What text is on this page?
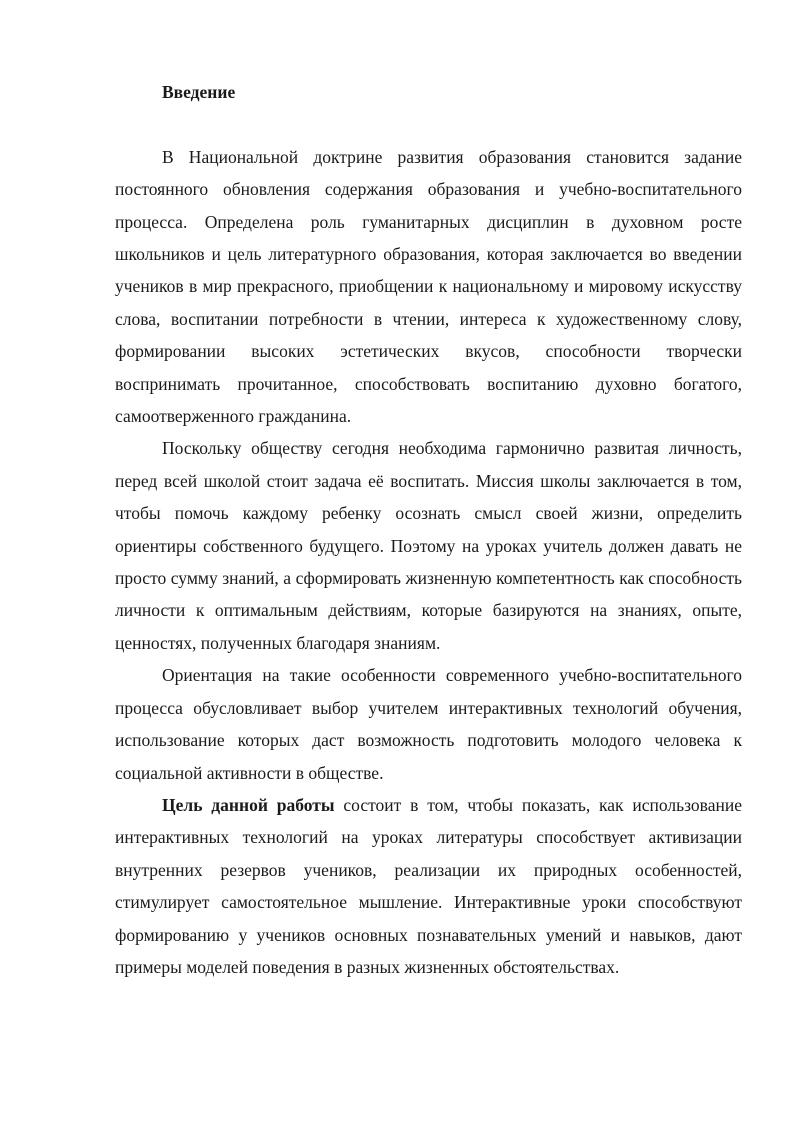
Введение

В Национальной доктрине развития образования становится задание постоянного обновления содержания образования и учебно-воспитательного процесса. Определена роль гуманитарных дисциплин в духовном росте школьников и цель литературного образования, которая заключается во введении учеников в мир прекрасного, приобщении к национальному и мировому искусству слова, воспитании потребности в чтении, интереса к художественному слову, формировании высоких эстетических вкусов, способности творчески воспринимать прочитанное, способствовать воспитанию духовно богатого, самоотверженного гражданина.

Поскольку обществу сегодня необходима гармонично развитая личность, перед всей школой стоит задача её воспитать. Миссия школы заключается в том, чтобы помочь каждому ребенку осознать смысл своей жизни, определить ориентиры собственного будущего. Поэтому на уроках учитель должен давать не просто сумму знаний, а сформировать жизненную компетентность как способность личности к оптимальным действиям, которые базируются на знаниях, опыте, ценностях, полученных благодаря знаниям.

Ориентация на такие особенности современного учебно-воспитательного процесса обусловливает выбор учителем интерактивных технологий обучения, использование которых даст возможность подготовить молодого человека к социальной активности в обществе.

Цель данной работы состоит в том, чтобы показать, как использование интерактивных технологий на уроках литературы способствует активизации внутренних резервов учеников, реализации их природных особенностей, стимулирует самостоятельное мышление. Интерактивные уроки способствуют формированию у учеников основных познавательных умений и навыков, дают примеры моделей поведения в разных жизненных обстоятельствах.
